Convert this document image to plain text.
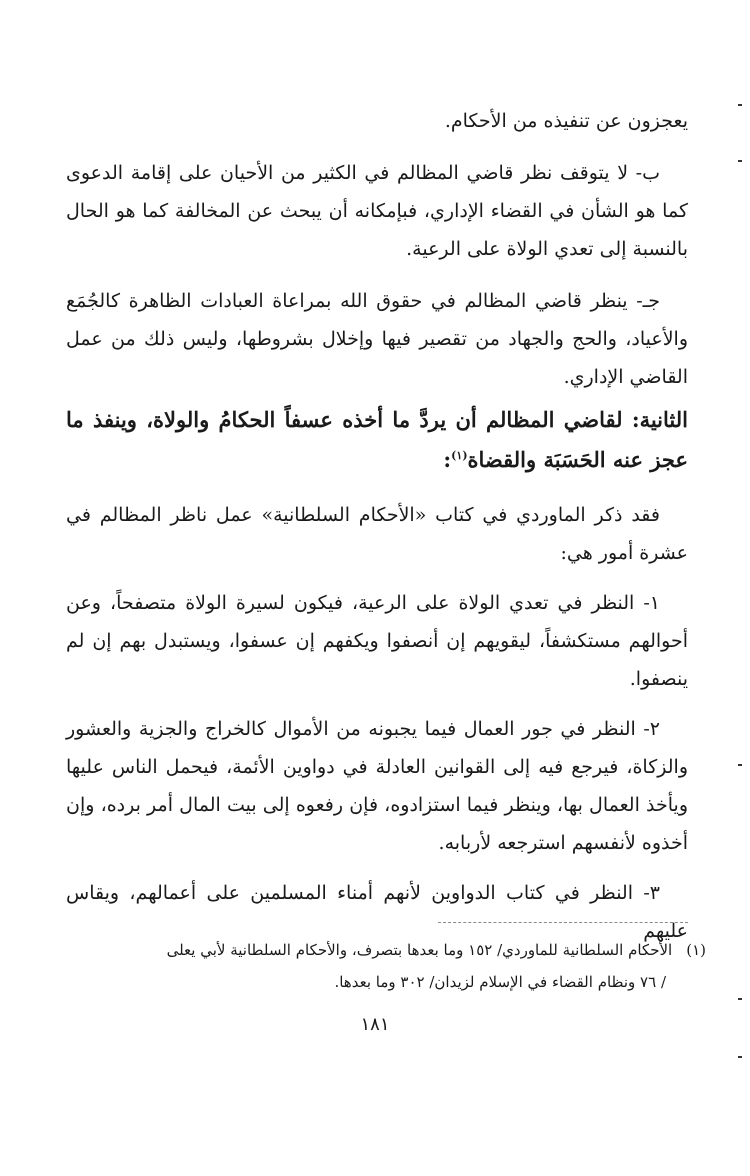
يعجزون عن تنفيذه من الأحكام.

ب- لا يتوقف نظر قاضي المظالم في الكثير من الأحيان على إقامة الدعوى كما هو الشأن في القضاء الإداري، فبإمكانه أن يبحث عن المخالفة كما هو الحال بالنسبة إلى تعدي الولاة على الرعية.

جـ- ينظر قاضي المظالم في حقوق الله بمراعاة العبادات الظاهرة كالجُمَع والأعياد، والحج والجهاد من تقصير فيها وإخلال بشروطها، وليس ذلك من عمل القاضي الإداري.

الثانية: لقاضي المظالم أن يردَّ ما أخذه عسفاً الحكامُ والولاة، وينفذ ما عجز عنه الحَسَبَة والقضاة$^{(١)}$:

فقد ذكر الماوردي في كتاب «الأحكام السلطانية» عمل ناظر المظالم في عشرة أمور هي:

١- النظر في تعدي الولاة على الرعية، فيكون لسيرة الولاة متصفحاً، وعن أحوالهم مستكشفاً، ليقويهم إن أنصفوا ويكفهم إن عسفوا، ويستبدل بهم إن لم ينصفوا.

٢- النظر في جور العمال فيما يجبونه من الأموال كالخراج والجزية والعشور والزكاة، فيرجع فيه إلى القوانين العادلة في دواوين الأئمة، فيحمل الناس عليها ويأخذ العمال بها، وينظر فيما استزادوه، فإن رفعوه إلى بيت المال أمر برده، وإن أخذوه لأنفسهم استرجعه لأربابه.

٣- النظر في كتاب الدواوين لأنهم أمناء المسلمين على أعمالهم، ويقاس عليهم

(١)الأحكام السلطانية للماوردي/ ١٥٢ وما بعدها بتصرف، والأحكام السلطانية لأبي يعلى
/ ٧٦ ونظام القضاء في الإسلام لزيدان/ ٣٠٢ وما بعدها.
١٨١
